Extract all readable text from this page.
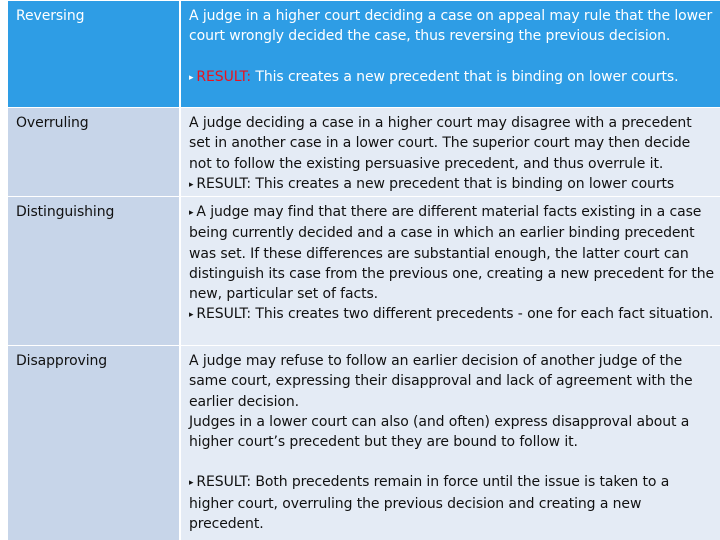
Reversing	A judge in a higher court deciding a case on appeal may rule that the lower court wrongly decided the case, thus reversing the previous decision.

▸ RESULT: This creates a new precedent that is binding on lower courts.

Overruling	A judge deciding a case in a higher court may disagree with a precedent set in another case in a lower court. The superior court may then decide not to follow the existing persuasive precedent, and thus overrule it.

▸ RESULT: This creates a new precedent that is binding on lower courts

Distinguishing	▸ A judge may find that there are different material facts existing in a case being currently decided and a case in which an earlier binding precedent was set. If these differences are substantial enough, the latter court can distinguish its case from the previous one, creating a new precedent for the new, particular set of facts.

▸ RESULT: This creates two different precedents - one for each fact situation.

Disapproving	A judge may refuse to follow an earlier decision of another judge of the same court, expressing their disapproval and lack of agreement with the earlier decision.

Judges in a lower court can also (and often) express disapproval about a higher court’s precedent but they are bound to follow it.

▸ RESULT: Both precedents remain in force until the issue is taken to a higher court, overruling the previous decision and creating a new precedent.
